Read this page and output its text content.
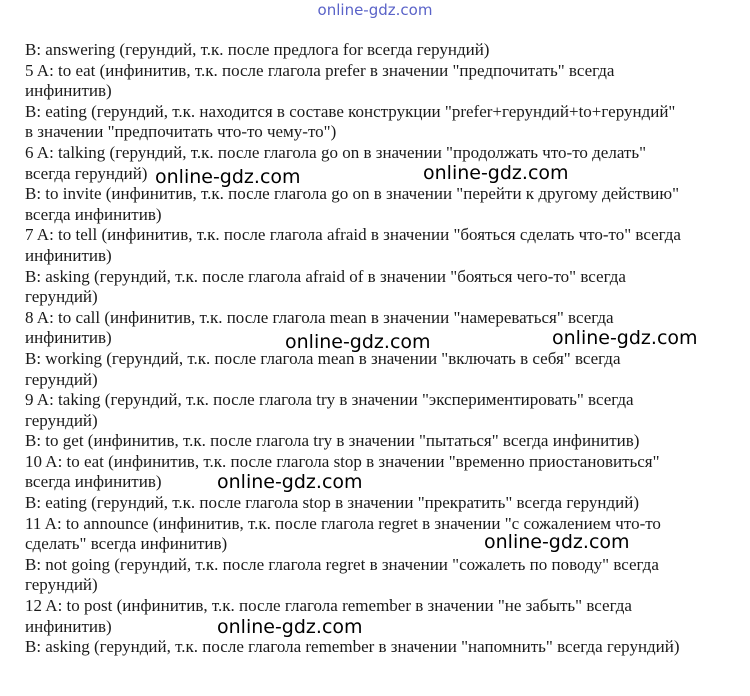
online-gdz.com
B: answering (герундий, т.к. после предлога for всегда герундий)
5 A: to eat (инфинитив, т.к. после глагола prefer в значении "предпочитать" всегда
инфинитив)
B: eating (герундий, т.к. находится в составе конструкции "prefer+герундий+to+герундий"
в значении "предпочитать что-то чему-то")
6 A: talking (герундий, т.к. после глагола go on в значении "продолжать что-то делать"
всегда герундий)
B: to invite (инфинитив, т.к. после глагола go on в значении "перейти к другому действию"
всегда инфинитив)
7 A: to tell (инфинитив, т.к. после глагола afraid в значении "бояться сделать что-то" всегда
инфинитив)
B: asking (герундий, т.к. после глагола afraid of в значении "бояться чего-то" всегда
герундий)
8 A: to call (инфинитив, т.к. после глагола mean в значении "намереваться" всегда
инфинитив)
B: working (герундий, т.к. после глагола mean в значении "включать в себя" всегда
герундий)
9 A: taking (герундий, т.к. после глагола try в значении "экспериментировать" всегда
герундий)
B: to get (инфинитив, т.к. после глагола try в значении "пытаться" всегда инфинитив)
10 A: to eat (инфинитив, т.к. после глагола stop в значении "временно приостановиться"
всегда инфинитив)
B: eating (герундий, т.к. после глагола stop в значении "прекратить" всегда герундий)
11 A: to announce (инфинитив, т.к. после глагола regret в значении "с сожалением что-то
сделать" всегда инфинитив)
B: not going (герундий, т.к. после глагола regret в значении "сожалеть по поводу" всегда
герундий)
12 A: to post (инфинитив, т.к. после глагола remember в значении "не забыть" всегда
инфинитив)
B: asking (герундий, т.к. после глагола remember в значении "напомнить" всегда герундий)
online-gdz.com	online-gdz.com
online-gdz.com	online-gdz.com
online-gdz.com
online-gdz.com
online-gdz.com
